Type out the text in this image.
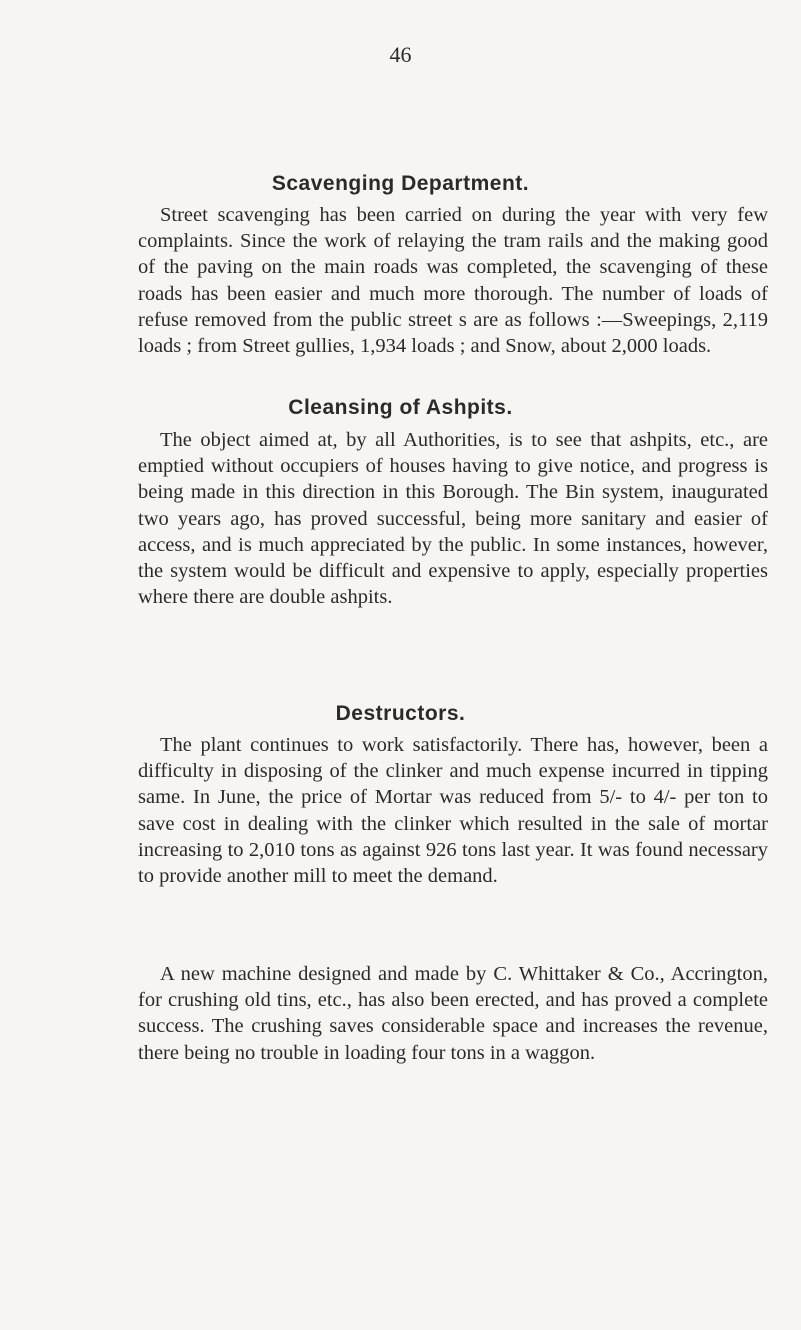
46
Scavenging Department.

Street scavenging has been carried on during the year with very few complaints. Since the work of relaying the tram rails and the making good of the paving on the main roads was completed, the scavenging of these roads has been easier and much more thorough. The number of loads of refuse removed from the public street s are as follows :—Sweepings, 2,119 loads ; from Street gullies, 1,934 loads ; and Snow, about 2,000 loads.

Cleansing of Ashpits.

The object aimed at, by all Authorities, is to see that ashpits, etc., are emptied without occupiers of houses having to give notice, and progress is being made in this direction in this Borough. The Bin system, inaugurated two years ago, has proved successful, being more sanitary and easier of access, and is much appreciated by the public. In some instances, however, the system would be difficult and expensive to apply, especially properties where there are double ashpits.

Destructors.

The plant continues to work satisfactorily. There has, however, been a difficulty in disposing of the clinker and much expense incurred in tipping same. In June, the price of Mortar was reduced from 5/- to 4/- per ton to save cost in dealing with the clinker which resulted in the sale of mortar increasing to 2,010 tons as against 926 tons last year. It was found necessary to provide another mill to meet the demand.

A new machine designed and made by C. Whittaker & Co., Accrington, for crushing old tins, etc., has also been erected, and has proved a complete success. The crushing saves considerable space and increases the revenue, there being no trouble in loading four tons in a waggon.
